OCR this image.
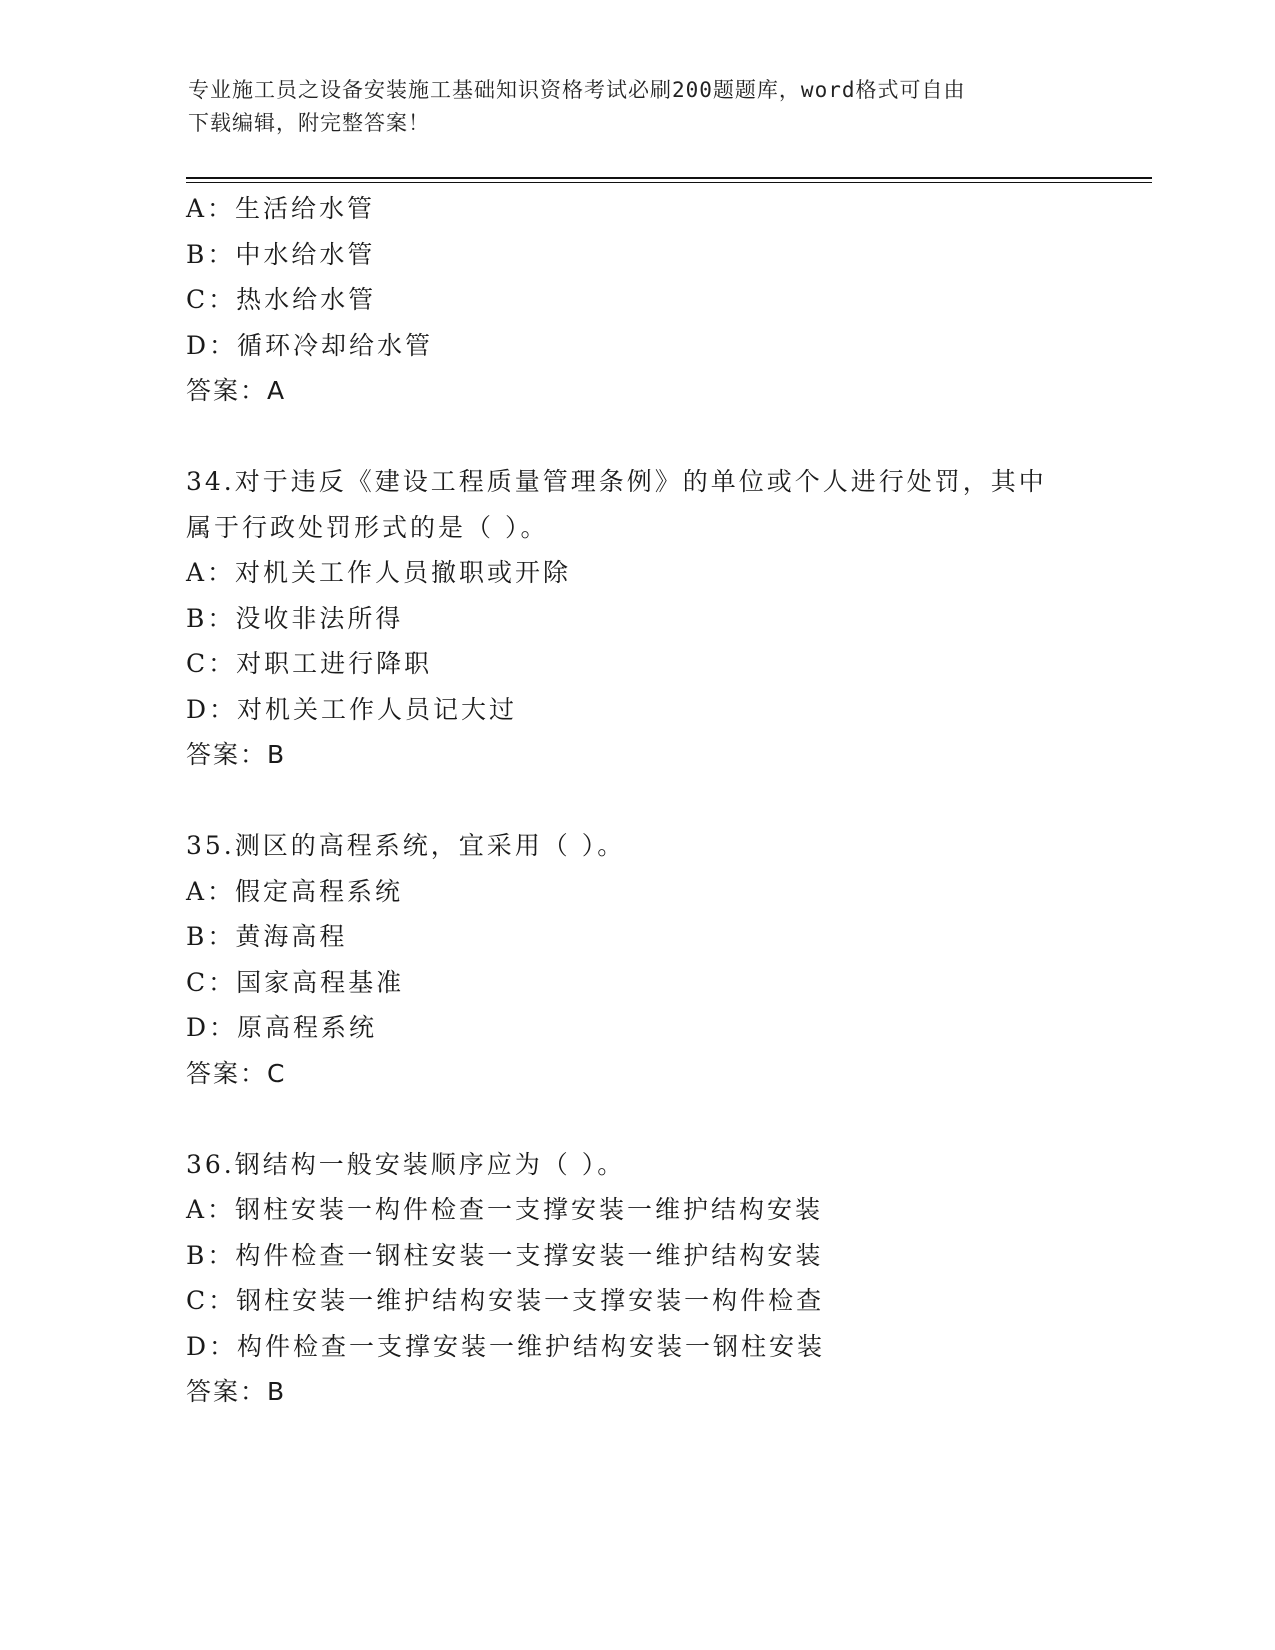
专业施工员之设备安装施工基础知识资格考试必刷200题题库，word格式可自由
下载编辑，附完整答案！
A：生活给水管
B：中水给水管
C：热水给水管
D：循环冷却给水管
答案：A
34.对于违反《建设工程质量管理条例》的单位或个人进行处罚，其中
属于行政处罚形式的是（ ）。
A：对机关工作人员撤职或开除
B：没收非法所得
C：对职工进行降职
D：对机关工作人员记大过
答案：B
35.测区的高程系统，宜采用（ ）。
A：假定高程系统
B：黄海高程
C：国家高程基准
D：原高程系统
答案：C
36.钢结构一般安装顺序应为（ ）。
A：钢柱安装一构件检查一支撑安装一维护结构安装
B：构件检查一钢柱安装一支撑安装一维护结构安装
C：钢柱安装一维护结构安装一支撑安装一构件检查
D：构件检查一支撑安装一维护结构安装一钢柱安装
答案：B
